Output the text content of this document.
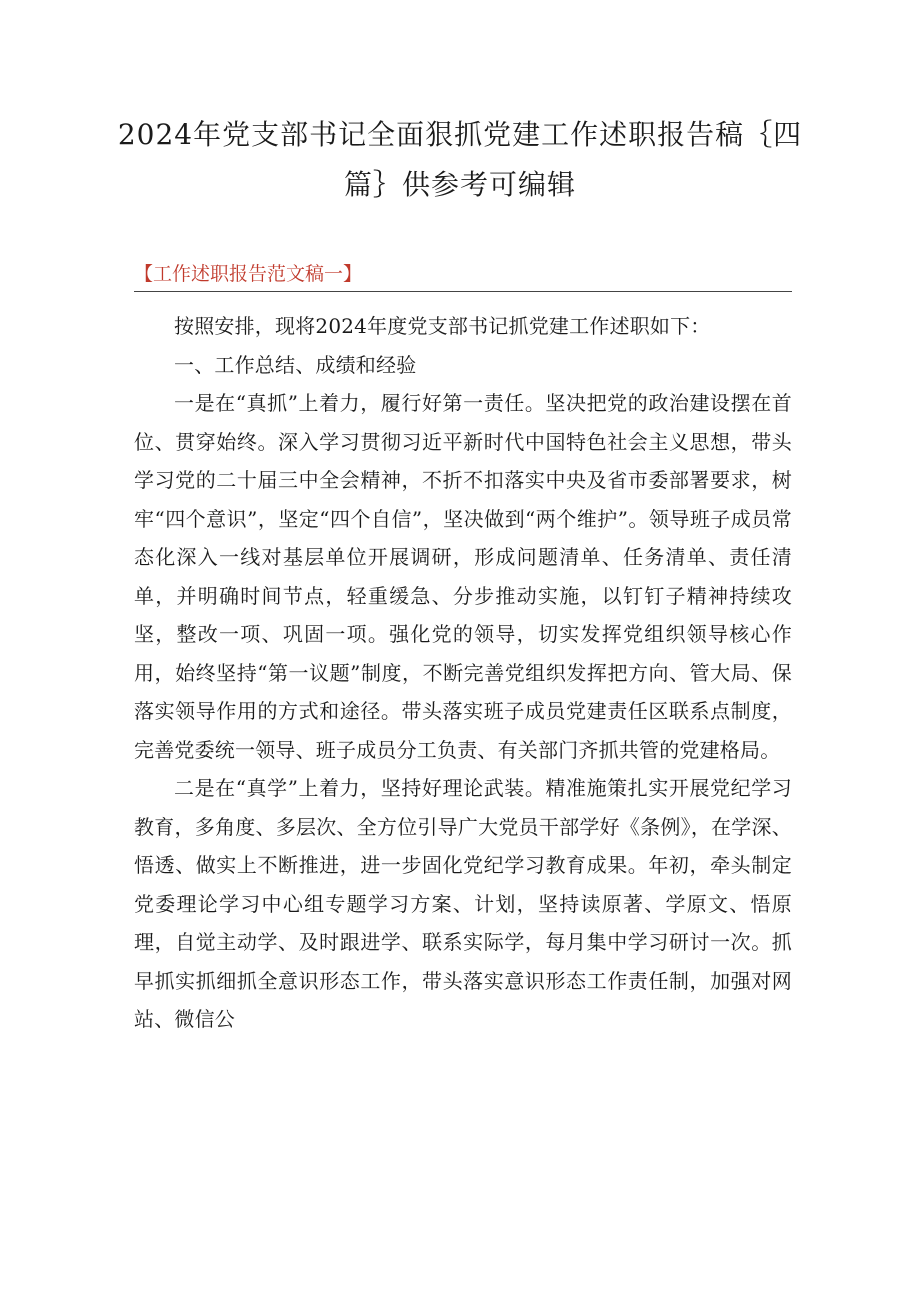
2024年党支部书记全面狠抓党建工作述职报告稿｛四篇｝供参考可编辑
【工作述职报告范文稿一】

按照安排，现将2024年度党支部书记抓党建工作述职如下：

一、工作总结、成绩和经验

一是在“真抓”上着力，履行好第一责任。坚决把党的政治建设摆在首位、贯穿始终。深入学习贯彻习近平新时代中国特色社会主义思想，带头学习党的二十届三中全会精神，不折不扣落实中央及省市委部署要求，树牢“四个意识”，坚定“四个自信”，坚决做到“两个维护”。领导班子成员常态化深入一线对基层单位开展调研，形成问题清单、任务清单、责任清单，并明确时间节点，轻重缓急、分步推动实施，以钉钉子精神持续攻坚，整改一项、巩固一项。强化党的领导，切实发挥党组织领导核心作用，始终坚持“第一议题”制度，不断完善党组织发挥把方向、管大局、保落实领导作用的方式和途径。带头落实班子成员党建责任区联系点制度，完善党委统一领导、班子成员分工负责、有关部门齐抓共管的党建格局。

二是在“真学”上着力，坚持好理论武装。精准施策扎实开展党纪学习教育，多角度、多层次、全方位引导广大党员干部学好《条例》，在学深、悟透、做实上不断推进，进一步固化党纪学习教育成果。年初，牵头制定党委理论学习中心组专题学习方案、计划，坚持读原著、学原文、悟原理，自觉主动学、及时跟进学、联系实际学，每月集中学习研讨一次。抓早抓实抓细抓全意识形态工作，带头落实意识形态工作责任制，加强对网站、微信公
